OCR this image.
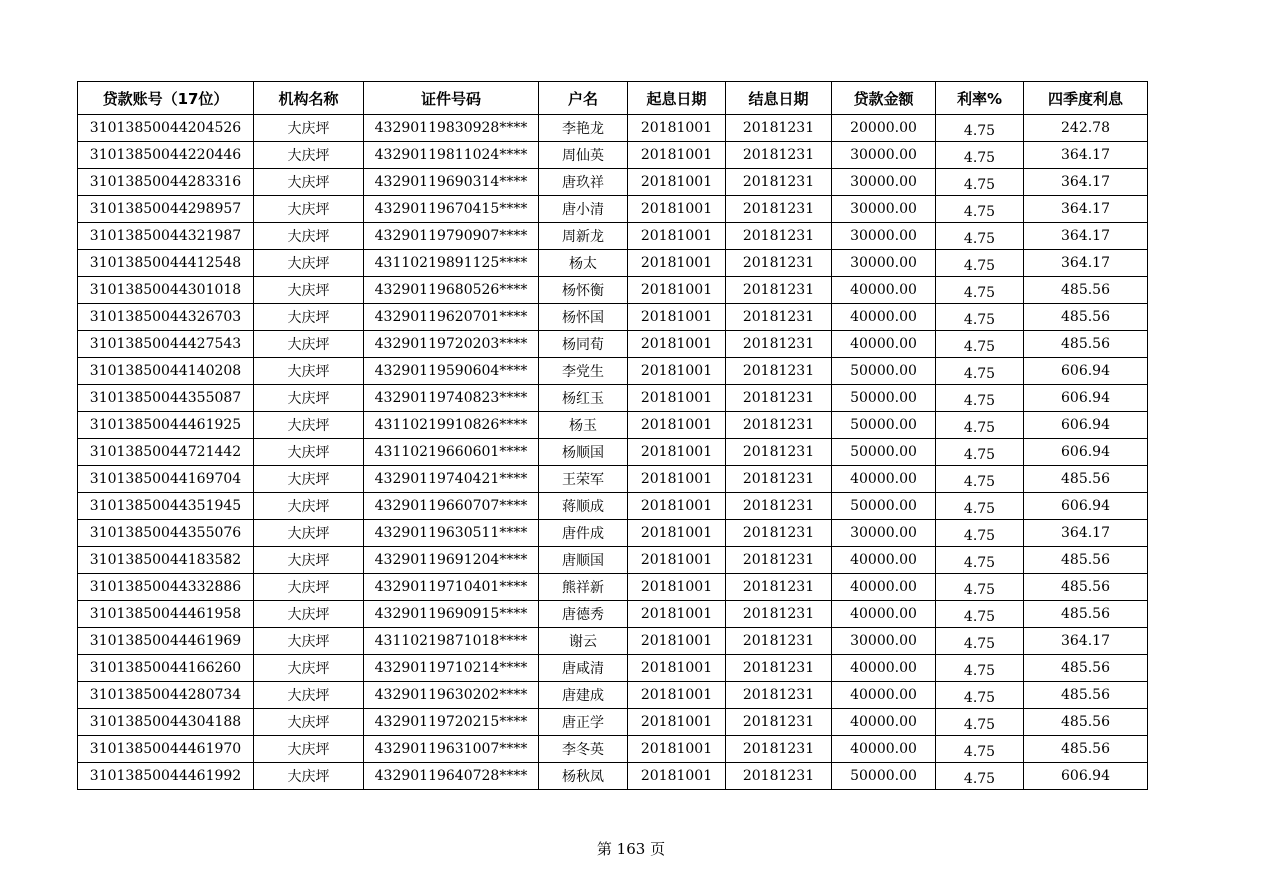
贷款账号（17位）	机构名称	证件号码	户名	起息日期	结息日期	贷款金额	利率%	四季度利息
31013850044204526	大庆坪	43290119830928****	李艳龙	20181001	20181231	20000.00	4.75	242.78
31013850044220446	大庆坪	43290119811024****	周仙英	20181001	20181231	30000.00	4.75	364.17
31013850044283316	大庆坪	43290119690314****	唐玖祥	20181001	20181231	30000.00	4.75	364.17
31013850044298957	大庆坪	43290119670415****	唐小清	20181001	20181231	30000.00	4.75	364.17
31013850044321987	大庆坪	43290119790907****	周新龙	20181001	20181231	30000.00	4.75	364.17
31013850044412548	大庆坪	43110219891125****	杨太	20181001	20181231	30000.00	4.75	364.17
31013850044301018	大庆坪	43290119680526****	杨怀衡	20181001	20181231	40000.00	4.75	485.56
31013850044326703	大庆坪	43290119620701****	杨怀国	20181001	20181231	40000.00	4.75	485.56
31013850044427543	大庆坪	43290119720203****	杨同荀	20181001	20181231	40000.00	4.75	485.56
31013850044140208	大庆坪	43290119590604****	李党生	20181001	20181231	50000.00	4.75	606.94
31013850044355087	大庆坪	43290119740823****	杨红玉	20181001	20181231	50000.00	4.75	606.94
31013850044461925	大庆坪	43110219910826****	杨玉	20181001	20181231	50000.00	4.75	606.94
31013850044721442	大庆坪	43110219660601****	杨顺国	20181001	20181231	50000.00	4.75	606.94
31013850044169704	大庆坪	43290119740421****	王荣军	20181001	20181231	40000.00	4.75	485.56
31013850044351945	大庆坪	43290119660707****	蒋顺成	20181001	20181231	50000.00	4.75	606.94
31013850044355076	大庆坪	43290119630511****	唐件成	20181001	20181231	30000.00	4.75	364.17
31013850044183582	大庆坪	43290119691204****	唐顺国	20181001	20181231	40000.00	4.75	485.56
31013850044332886	大庆坪	43290119710401****	熊祥新	20181001	20181231	40000.00	4.75	485.56
31013850044461958	大庆坪	43290119690915****	唐德秀	20181001	20181231	40000.00	4.75	485.56
31013850044461969	大庆坪	43110219871018****	谢云	20181001	20181231	30000.00	4.75	364.17
31013850044166260	大庆坪	43290119710214****	唐咸清	20181001	20181231	40000.00	4.75	485.56
31013850044280734	大庆坪	43290119630202****	唐建成	20181001	20181231	40000.00	4.75	485.56
31013850044304188	大庆坪	43290119720215****	唐正学	20181001	20181231	40000.00	4.75	485.56
31013850044461970	大庆坪	43290119631007****	李冬英	20181001	20181231	40000.00	4.75	485.56
31013850044461992	大庆坪	43290119640728****	杨秋凤	20181001	20181231	50000.00	4.75	606.94
第 163 页
